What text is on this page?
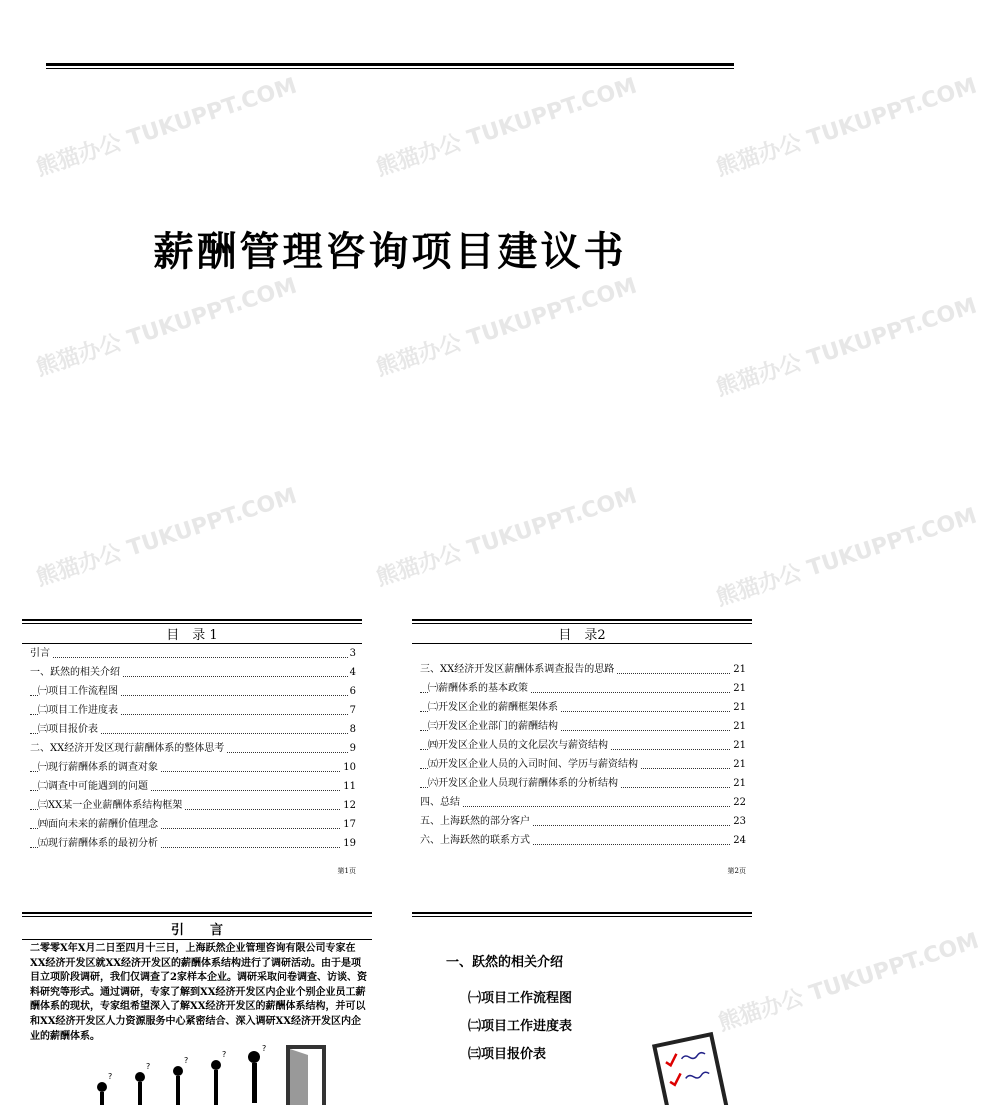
熊猫办公 TUKUPPT.COM	熊猫办公 TUKUPPT.COM	熊猫办公 TUKUPPT.COM
熊猫办公 TUKUPPT.COM	熊猫办公 TUKUPPT.COM	熊猫办公 TUKUPPT.COM
熊猫办公 TUKUPPT.COM	熊猫办公 TUKUPPT.COM	熊猫办公 TUKUPPT.COM
薪酬管理咨询项目建议书
目　录 1
引言	3
一、跃然的相关介绍	4
㈠项目工作流程图	6
㈡项目工作进度表	7
㈢项目报价表	8
二、XX经济开发区现行薪酬体系的整体思考	9
㈠现行薪酬体系的调查对象	10
㈡调查中可能遇到的问题	11
㈢XX某一企业薪酬体系结构框架	12
㈣面向未来的薪酬价值理念	17
㈤现行薪酬体系的最初分析	19
第1页
目　录2
三、XX经济开发区薪酬体系调查报告的思路	21
㈠薪酬体系的基本政策	21
㈡开发区企业的薪酬框架体系	21
㈢开发区企业部门的薪酬结构	21
㈣开发区企业人员的文化层次与薪资结构	21
㈤开发区企业人员的入司时间、学历与薪资结构	21
㈥开发区企业人员现行薪酬体系的分析结构	21
四、总结	22
五、上海跃然的部分客户	23
六、上海跃然的联系方式	24
第2页
引　　言
二零零X年X月二日至四月十三日，上海跃然企业管理咨询有限公司专家在XX经济开发区就XX经济开发区的薪酬体系结构进行了调研活动。由于是项目立项阶段调研，我们仅调查了2家样本企业。调研采取问卷调查、访谈、资料研究等形式。通过调研，专家了解到XX经济开发区内企业个别企业员工薪酬体系的现状，专家组希望深入了解XX经济开发区的薪酬体系结构，并可以和XX经济开发区人力资源服务中心紧密结合、深入调研XX经济开发区内企业的薪酬体系。
?
?
?
?
?
熊猫办公 TUKUPPT.COM
一、跃然的相关介绍
㈠项目工作流程图
㈡项目工作进度表
㈢项目报价表
